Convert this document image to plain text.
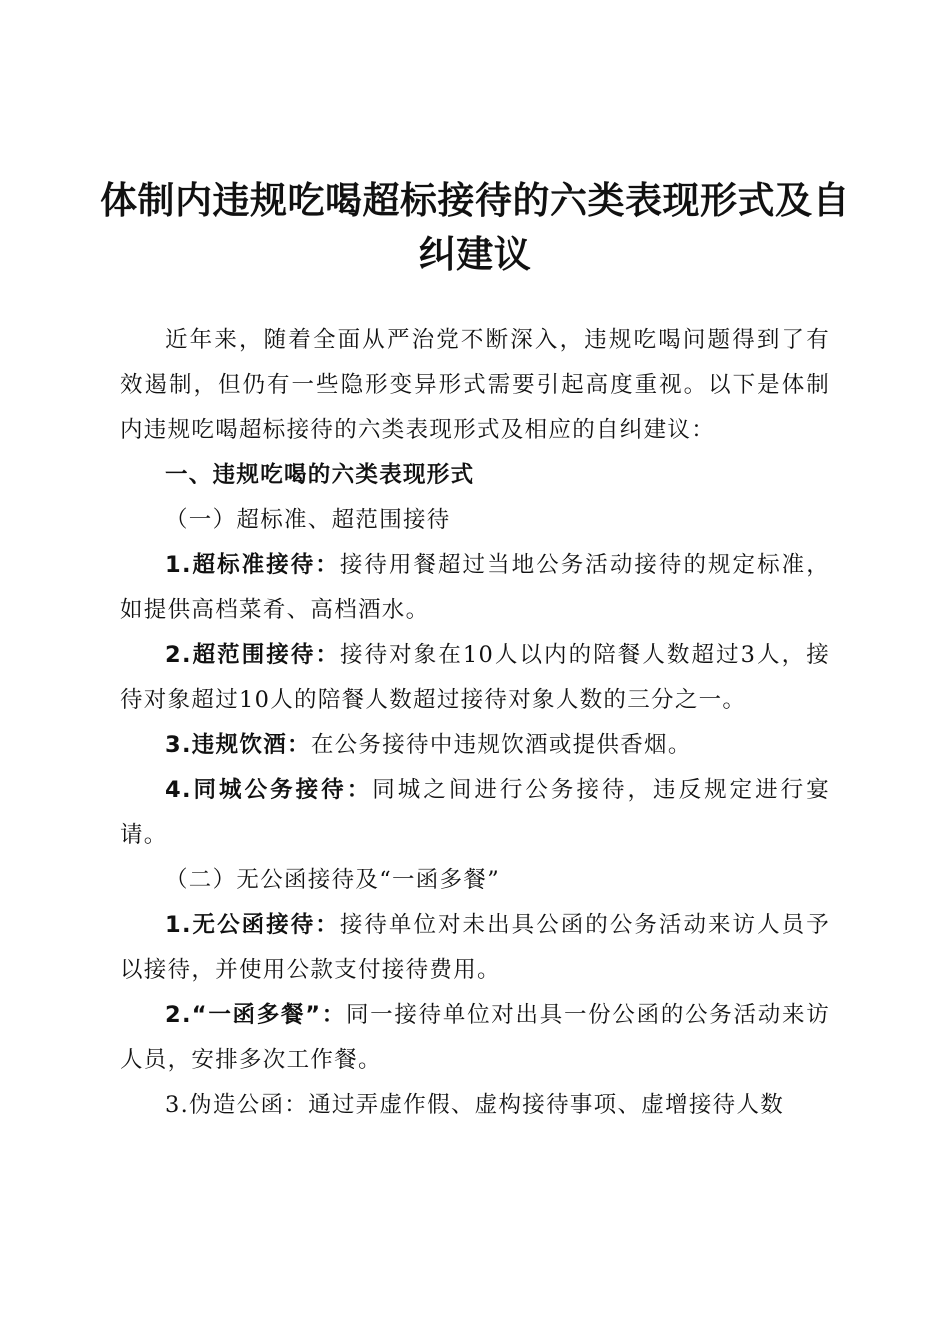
体制内违规吃喝超标接待的六类表现形式及自纠建议

近年来，随着全面从严治党不断深入，违规吃喝问题得到了有效遏制，但仍有一些隐形变异形式需要引起高度重视。以下是体制内违规吃喝超标接待的六类表现形式及相应的自纠建议：

一、违规吃喝的六类表现形式

（一）超标准、超范围接待

1.超标准接待：接待用餐超过当地公务活动接待的规定标准，如提供高档菜肴、高档酒水。

2.超范围接待：接待对象在10人以内的陪餐人数超过3人，接待对象超过10人的陪餐人数超过接待对象人数的三分之一。

3.违规饮酒：在公务接待中违规饮酒或提供香烟。

4.同城公务接待：同城之间进行公务接待，违反规定进行宴请。

（二）无公函接待及“一函多餐”

1.无公函接待：接待单位对未出具公函的公务活动来访人员予以接待，并使用公款支付接待费用。

2.“一函多餐”：同一接待单位对出具一份公函的公务活动来访人员，安排多次工作餐。

3.伪造公函：通过弄虚作假、虚构接待事项、虚增接待人数
